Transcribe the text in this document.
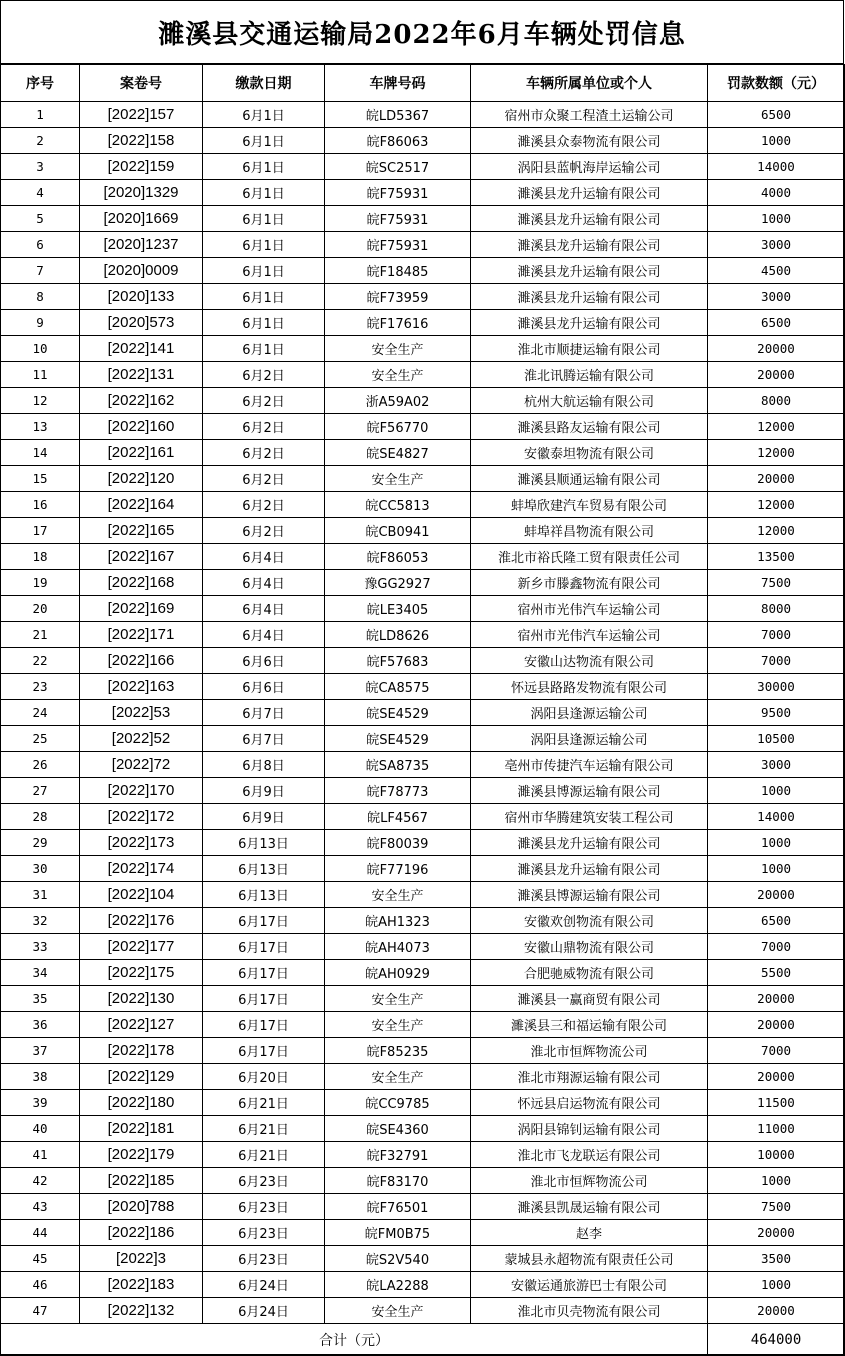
濉溪县交通运输局2022年6月车辆处罚信息
序号	案卷号	缴款日期	车牌号码	车辆所属单位或个人	罚款数额（元）
1	[2022]157	6月1日	皖LD5367	宿州市众聚工程渣土运输公司	6500
2	[2022]158	6月1日	皖F86063	濉溪县众泰物流有限公司	1000
3	[2022]159	6月1日	皖SC2517	涡阳县蓝帆海岸运输公司	14000
4	[2020]1329	6月1日	皖F75931	濉溪县龙升运输有限公司	4000
5	[2020]1669	6月1日	皖F75931	濉溪县龙升运输有限公司	1000
6	[2020]1237	6月1日	皖F75931	濉溪县龙升运输有限公司	3000
7	[2020]0009	6月1日	皖F18485	濉溪县龙升运输有限公司	4500
8	[2020]133	6月1日	皖F73959	濉溪县龙升运输有限公司	3000
9	[2020]573	6月1日	皖F17616	濉溪县龙升运输有限公司	6500
10	[2022]141	6月1日	安全生产	淮北市顺捷运输有限公司	20000
11	[2022]131	6月2日	安全生产	淮北讯腾运输有限公司	20000
12	[2022]162	6月2日	浙A59A02	杭州大航运输有限公司	8000
13	[2022]160	6月2日	皖F56770	濉溪县路友运输有限公司	12000
14	[2022]161	6月2日	皖SE4827	安徽泰坦物流有限公司	12000
15	[2022]120	6月2日	安全生产	濉溪县顺通运输有限公司	20000
16	[2022]164	6月2日	皖CC5813	蚌埠欣建汽车贸易有限公司	12000
17	[2022]165	6月2日	皖CB0941	蚌埠祥昌物流有限公司	12000
18	[2022]167	6月4日	皖F86053	淮北市裕氏隆工贸有限责任公司	13500
19	[2022]168	6月4日	豫GG2927	新乡市滕鑫物流有限公司	7500
20	[2022]169	6月4日	皖LE3405	宿州市光伟汽车运输公司	8000
21	[2022]171	6月4日	皖LD8626	宿州市光伟汽车运输公司	7000
22	[2022]166	6月6日	皖F57683	安徽山达物流有限公司	7000
23	[2022]163	6月6日	皖CA8575	怀远县路路发物流有限公司	30000
24	[2022]53	6月7日	皖SE4529	涡阳县逢源运输公司	9500
25	[2022]52	6月7日	皖SE4529	涡阳县逢源运输公司	10500
26	[2022]72	6月8日	皖SA8735	亳州市传捷汽车运输有限公司	3000
27	[2022]170	6月9日	皖F78773	濉溪县博源运输有限公司	1000
28	[2022]172	6月9日	皖LF4567	宿州市华腾建筑安装工程公司	14000
29	[2022]173	6月13日	皖F80039	濉溪县龙升运输有限公司	1000
30	[2022]174	6月13日	皖F77196	濉溪县龙升运输有限公司	1000
31	[2022]104	6月13日	安全生产	濉溪县博源运输有限公司	20000
32	[2022]176	6月17日	皖AH1323	安徽欢创物流有限公司	6500
33	[2022]177	6月17日	皖AH4073	安徽山鼎物流有限公司	7000
34	[2022]175	6月17日	皖AH0929	合肥驰威物流有限公司	5500
35	[2022]130	6月17日	安全生产	濉溪县一赢商贸有限公司	20000
36	[2022]127	6月17日	安全生产	濉溪县三和福运输有限公司	20000
37	[2022]178	6月17日	皖F85235	淮北市恒辉物流公司	7000
38	[2022]129	6月20日	安全生产	淮北市翔源运输有限公司	20000
39	[2022]180	6月21日	皖CC9785	怀远县启运物流有限公司	11500
40	[2022]181	6月21日	皖SE4360	涡阳县锦钊运输有限公司	11000
41	[2022]179	6月21日	皖F32791	淮北市飞龙联运有限公司	10000
42	[2022]185	6月23日	皖F83170	淮北市恒辉物流公司	1000
43	[2020]788	6月23日	皖F76501	濉溪县凯晟运输有限公司	7500
44	[2022]186	6月23日	皖FM0B75	赵李	20000
45	[2022]3	6月23日	皖S2V540	蒙城县永超物流有限责任公司	3500
46	[2022]183	6月24日	皖LA2288	安徽运通旅游巴士有限公司	1000
47	[2022]132	6月24日	安全生产	淮北市贝壳物流有限公司	20000
合计（元）					464000
